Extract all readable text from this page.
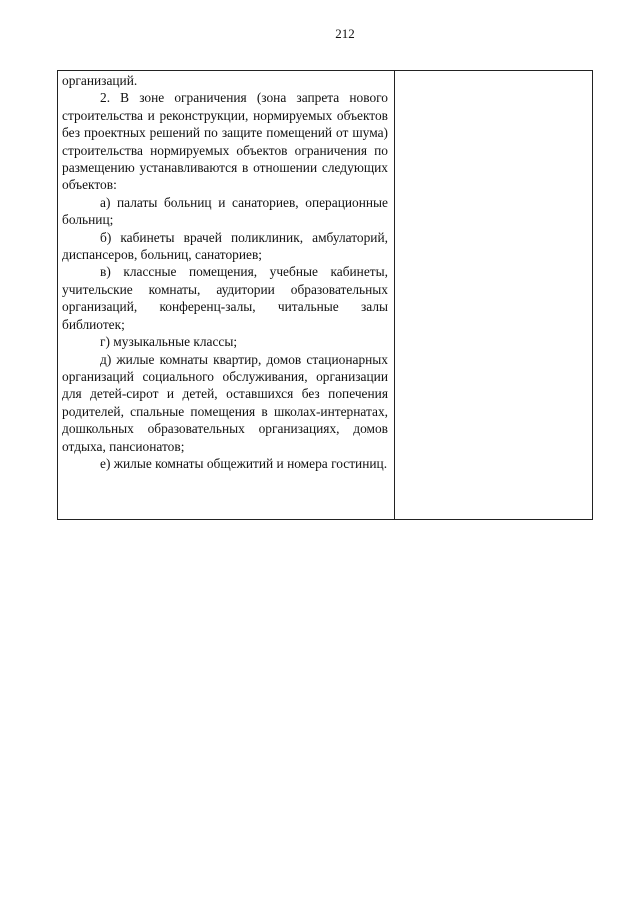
212

организаций.

2. В зоне ограничения (зона запрета нового строительства и реконструкции, нормируемых объектов без проектных решений по защите помещений от шума) строительства нормируемых объектов ограничения по размещению устанавливаются в отношении следующих объектов:

а) палаты больниц и санаториев, операционные больниц;

б) кабинеты врачей поликлиник, амбулаторий, диспансеров, больниц, санаториев;

в) классные помещения, учебные кабинеты, учительские комнаты, аудитории образовательных организаций, конференц-залы, читальные залы библиотек;

г) музыкальные классы;

д) жилые комнаты квартир, домов стационарных организаций социального обслуживания, организации для детей-сирот и детей, оставшихся без попечения родителей, спальные помещения в школах-интернатах, дошкольных образовательных организациях, домов отдыха, пансионатов;

е) жилые комнаты общежитий и номера гостиниц.
